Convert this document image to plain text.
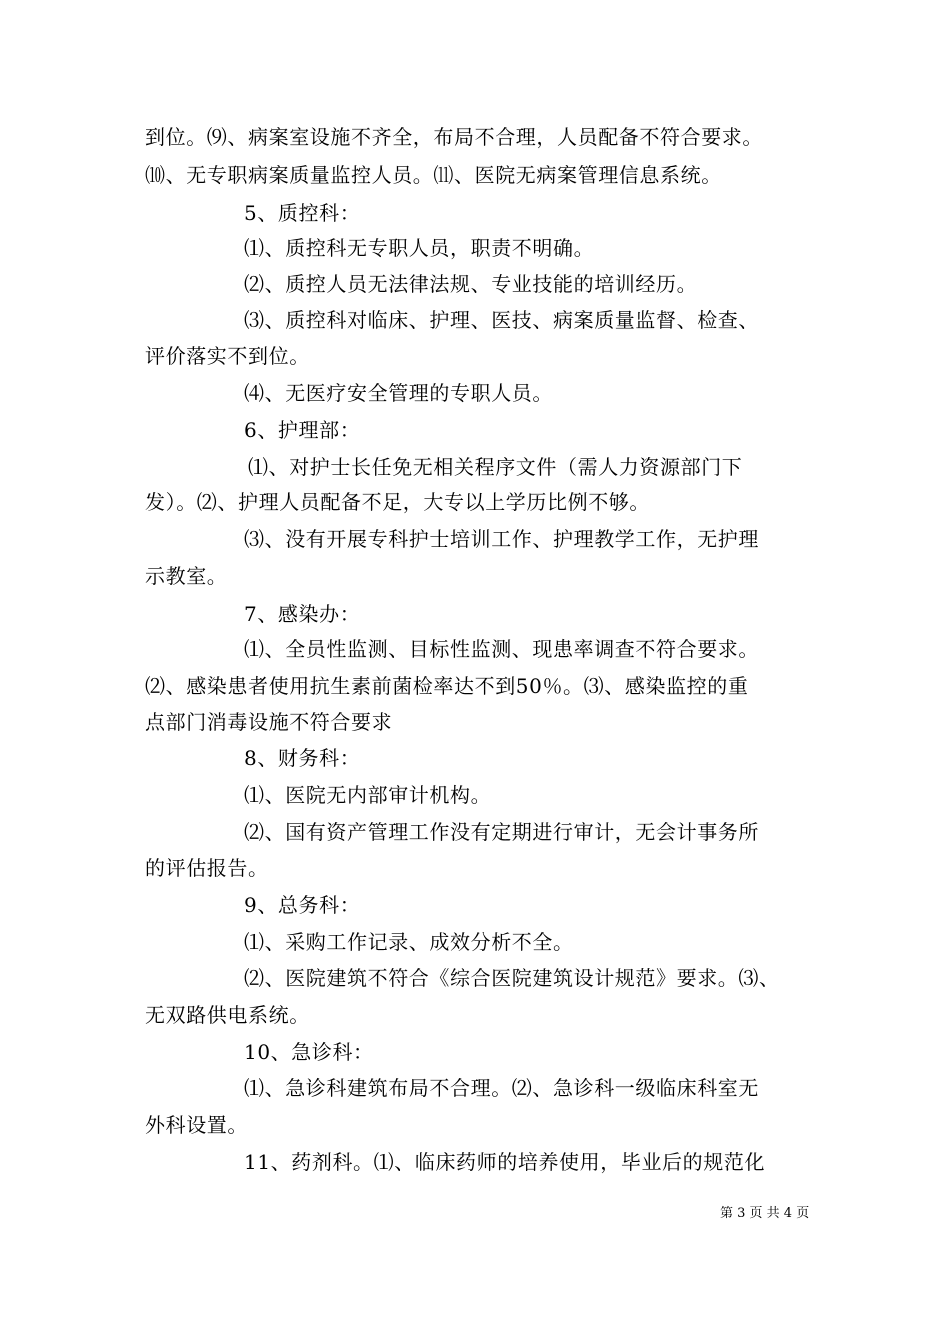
到位。⑼、病案室设施不齐全，布局不合理，人员配备不符合要求。
⑽、无专职病案质量监控人员。⑾、医院无病案管理信息系统。
5、质控科：
⑴、质控科无专职人员，职责不明确。
⑵、质控人员无法律法规、专业技能的培训经历。
⑶、质控科对临床、护理、医技、病案质量监督、检查、
评价落实不到位。
⑷、无医疗安全管理的专职人员。
6、护理部：
⑴、对护士长任免无相关程序文件（需人力资源部门下
发）。⑵、护理人员配备不足，大专以上学历比例不够。
⑶、没有开展专科护士培训工作、护理教学工作，无护理
示教室。
7、感染办：
⑴、全员性监测、目标性监测、现患率调查不符合要求。
⑵、感染患者使用抗生素前菌检率达不到50％。⑶、感染监控的重
点部门消毒设施不符合要求
8、财务科：
⑴、医院无内部审计机构。
⑵、国有资产管理工作没有定期进行审计，无会计事务所
的评估报告。
9、总务科：
⑴、采购工作记录、成效分析不全。
⑵、医院建筑不符合《综合医院建筑设计规范》要求。⑶、
无双路供电系统。
10、急诊科：
⑴、急诊科建筑布局不合理。⑵、急诊科一级临床科室无
外科设置。
11、药剂科。⑴、临床药师的培养使用，毕业后的规范化
第 3 页 共 4 页
